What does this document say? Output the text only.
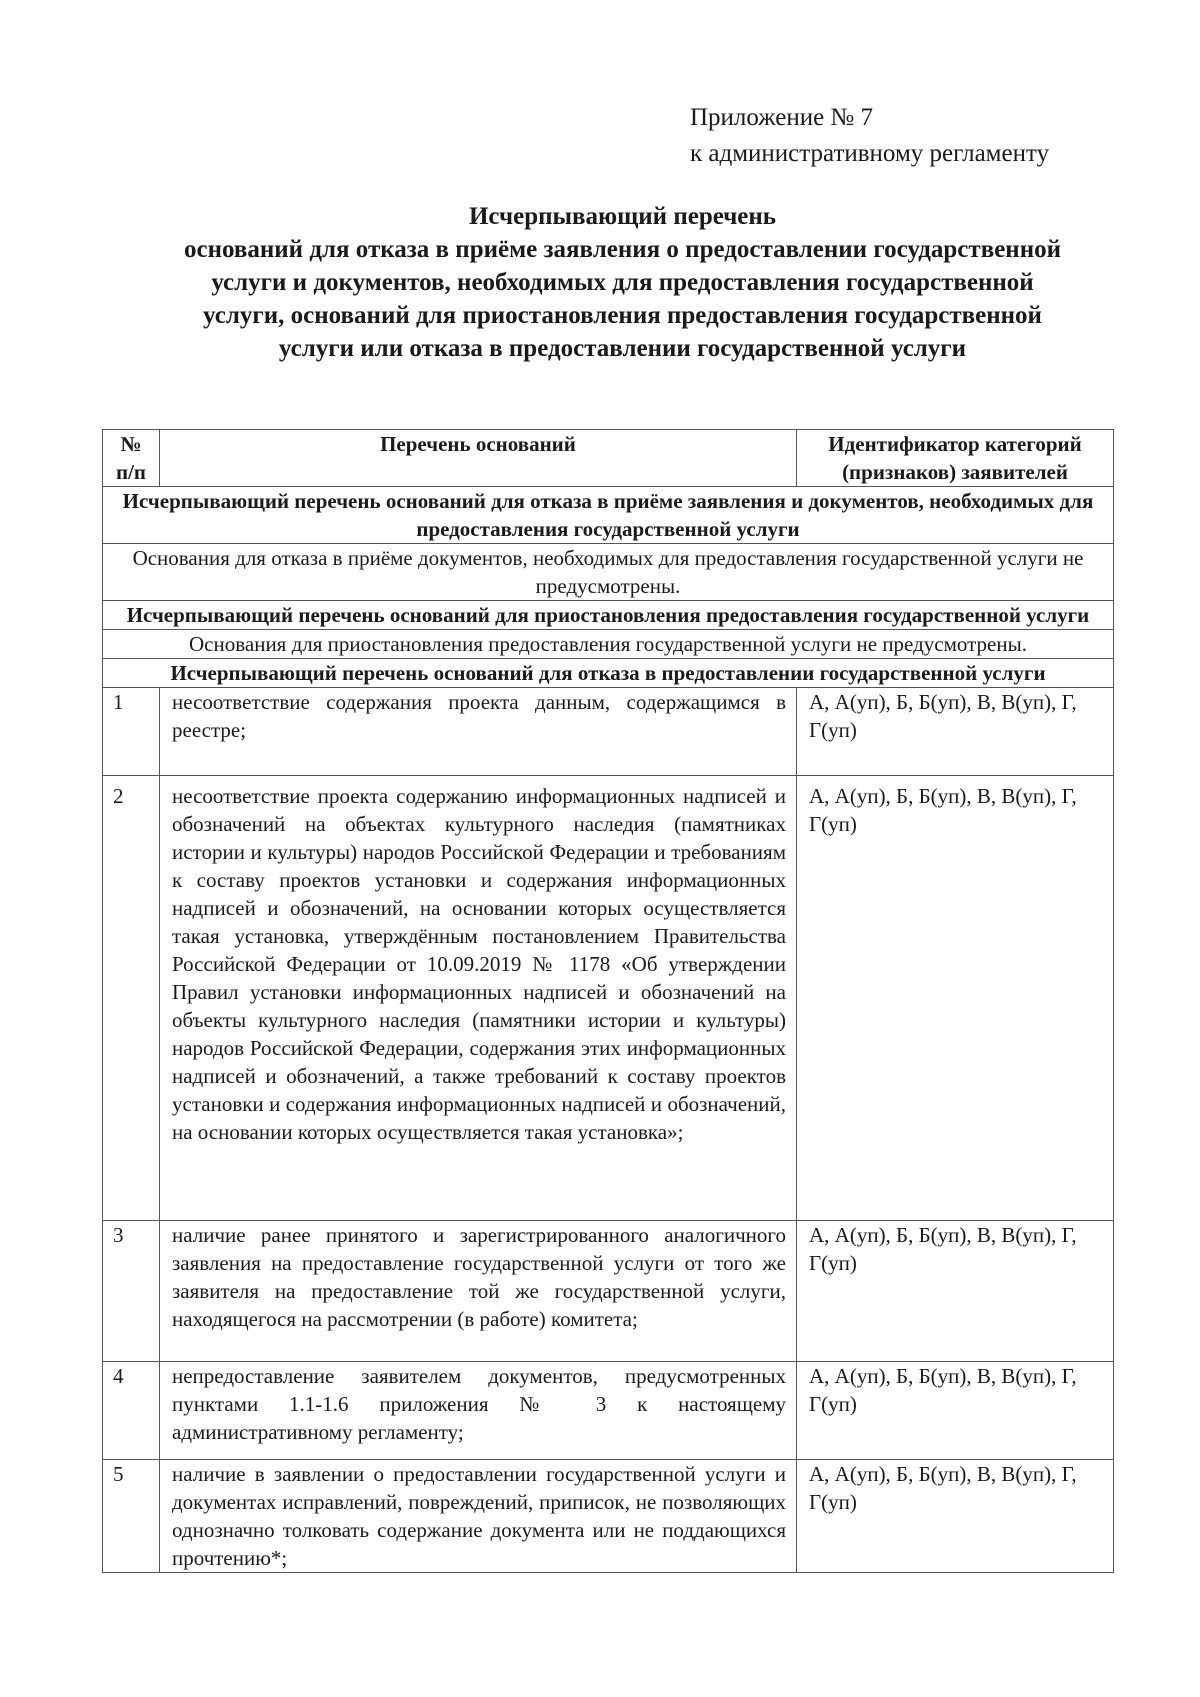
Приложение № 7
к административному регламенту
Исчерпывающий перечень
оснований для отказа в приёме заявления о предоставлении государственной
услуги и документов, необходимых для предоставления государственной
услуги, оснований для приостановления предоставления государственной
услуги или отказа в предоставлении государственной услуги
№ п/п	Перечень оснований	Идентификатор категорий (признаков) заявителей
Исчерпывающий перечень оснований для отказа в приёме заявления и документов, необходимых для предоставления государственной услуги		
Основания для отказа в приёме документов, необходимых для предоставления государственной услуги не предусмотрены.		
Исчерпывающий перечень оснований для приостановления предоставления государственной услуги		
Основания для приостановления предоставления государственной услуги не предусмотрены.		
Исчерпывающий перечень оснований для отказа в предоставлении государственной услуги		
1	несоответствие содержания проекта данным, содержащимся в реестре;	А, А(уп), Б, Б(уп), В, В(уп), Г, Г(уп)
2	несоответствие проекта содержанию информационных надписей и обозначений на объектах культурного наследия (памятниках истории и культуры) народов Российской Федерации и требованиям к составу проектов установки и содержания информационных надписей и обозначений, на основании которых осуществляется такая установка, утверждённым постановлением Правительства Российской Федерации от 10.09.2019 № 1178 «Об утверждении Правил установки информационных надписей и обозначений на объекты культурного наследия (памятники истории и культуры) народов Российской Федерации, содержания этих информационных надписей и обозначений, а также требований к составу проектов установки и содержания информационных надписей и обозначений, на основании которых осуществляется такая установка»;	А, А(уп), Б, Б(уп), В, В(уп), Г, Г(уп)
3	наличие ранее принятого и зарегистрированного аналогичного заявления на предоставление государственной услуги от того же заявителя на предоставление той же государственной услуги, находящегося на рассмотрении (в работе) комитета;	А, А(уп), Б, Б(уп), В, В(уп), Г, Г(уп)
4	непредоставление заявителем документов, предусмотренных пунктами 1.1-1.6 приложения № 3 к настоящему административному регламенту;	А, А(уп), Б, Б(уп), В, В(уп), Г, Г(уп)
5	наличие в заявлении о предоставлении государственной услуги и документах исправлений, повреждений, приписок, не позволяющих однозначно толковать содержание документа или не поддающихся прочтению*;	А, А(уп), Б, Б(уп), В, В(уп), Г, Г(уп)
